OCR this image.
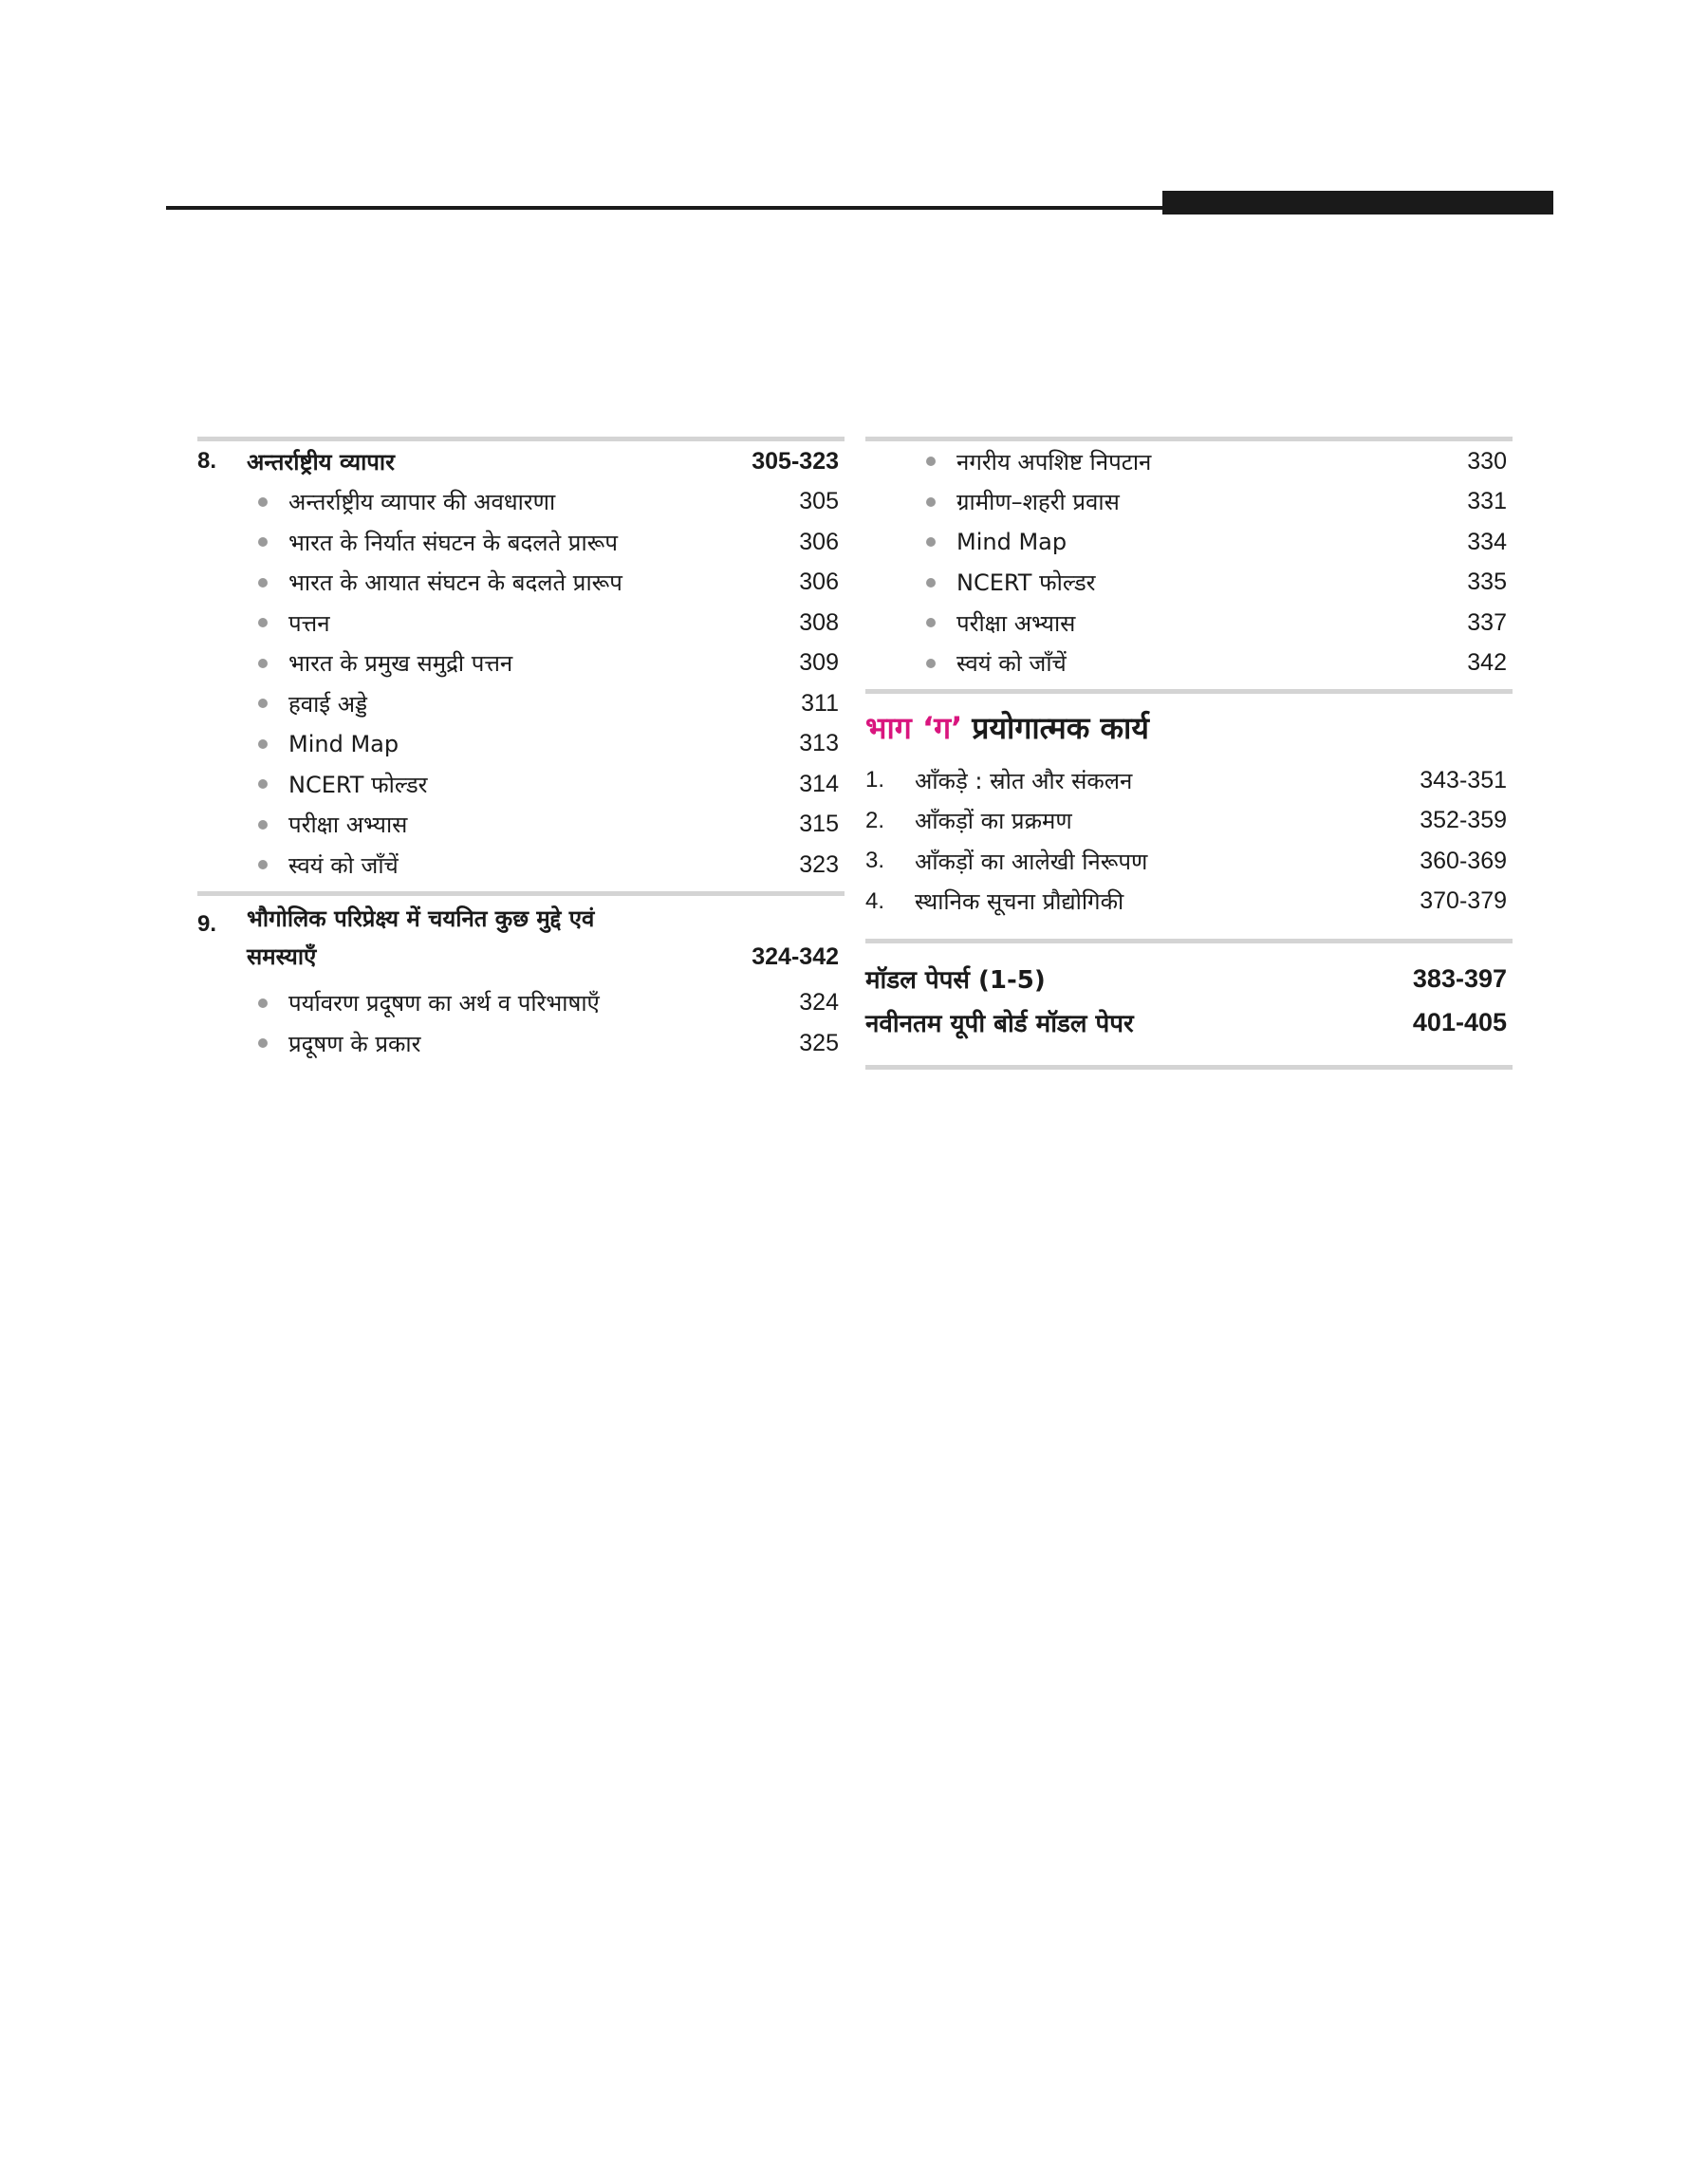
8.	अन्तर्राष्ट्रीय व्यापार	305-323
अन्तर्राष्ट्रीय व्यापार की अवधारणा	305
भारत के निर्यात संघटन के बदलते प्रारूप	306
भारत के आयात संघटन के बदलते प्रारूप	306
पत्तन	308
भारत के प्रमुख समुद्री पत्तन	309
हवाई अड्डे	311
Mind Map	313
NCERT फोल्डर	314
परीक्षा अभ्यास	315
स्वयं को जाँचें	323
9.	भौगोलिक परिप्रेक्ष्य में चयनित कुछ मुद्दे एवं
समस्याएँ	324-342
पर्यावरण प्रदूषण का अर्थ व परिभाषाएँ	324
प्रदूषण के प्रकार	325
नगरीय अपशिष्ट निपटान	330
ग्रामीण–शहरी प्रवास	331
Mind Map	334
NCERT फोल्डर	335
परीक्षा अभ्यास	337
स्वयं को जाँचें	342
भाग ‘ग’ प्रयोगात्मक कार्य
1.	आँकड़े : स्रोत और संकलन	343-351
2.	आँकड़ों का प्रक्रमण	352-359
3.	आँकड़ों का आलेखी निरूपण	360-369
4.	स्थानिक सूचना प्रौद्योगिकी	370-379
मॉडल पेपर्स (1-5)	383-397
नवीनतम यूपी बोर्ड मॉडल पेपर	401-405
